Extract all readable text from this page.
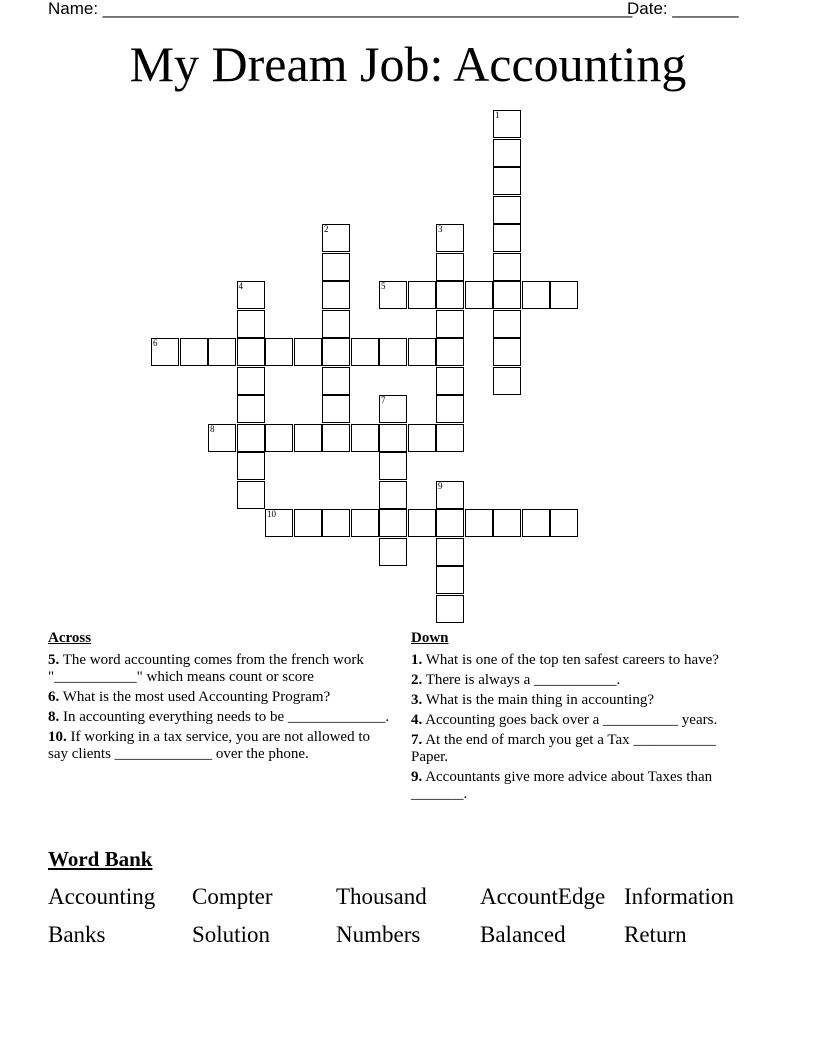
Name: ________________________________________________________
Date: _______
My Dream Job: Accounting
1
2	3
4	5
6
7
8
9
10
Across
5. The word accounting comes from the french work "___________" which means count or score
6. What is the most used Accounting Program?
8. In accounting everything needs to be _____________.
10. If working in a tax service, you are not allowed to say clients _____________ over the phone.
Down
1. What is one of the top ten safest careers to have?
2. There is always a ___________.
3. What is the main thing in accounting?
4. Accounting goes back over a __________ years.
7. At the end of march you get a Tax ___________ Paper.
9. Accountants give more advice about Taxes than _______.
Word Bank
Accounting Compter	Thousand AccountEdge Information
Banks	Solution	Numbers	Balanced	Return
